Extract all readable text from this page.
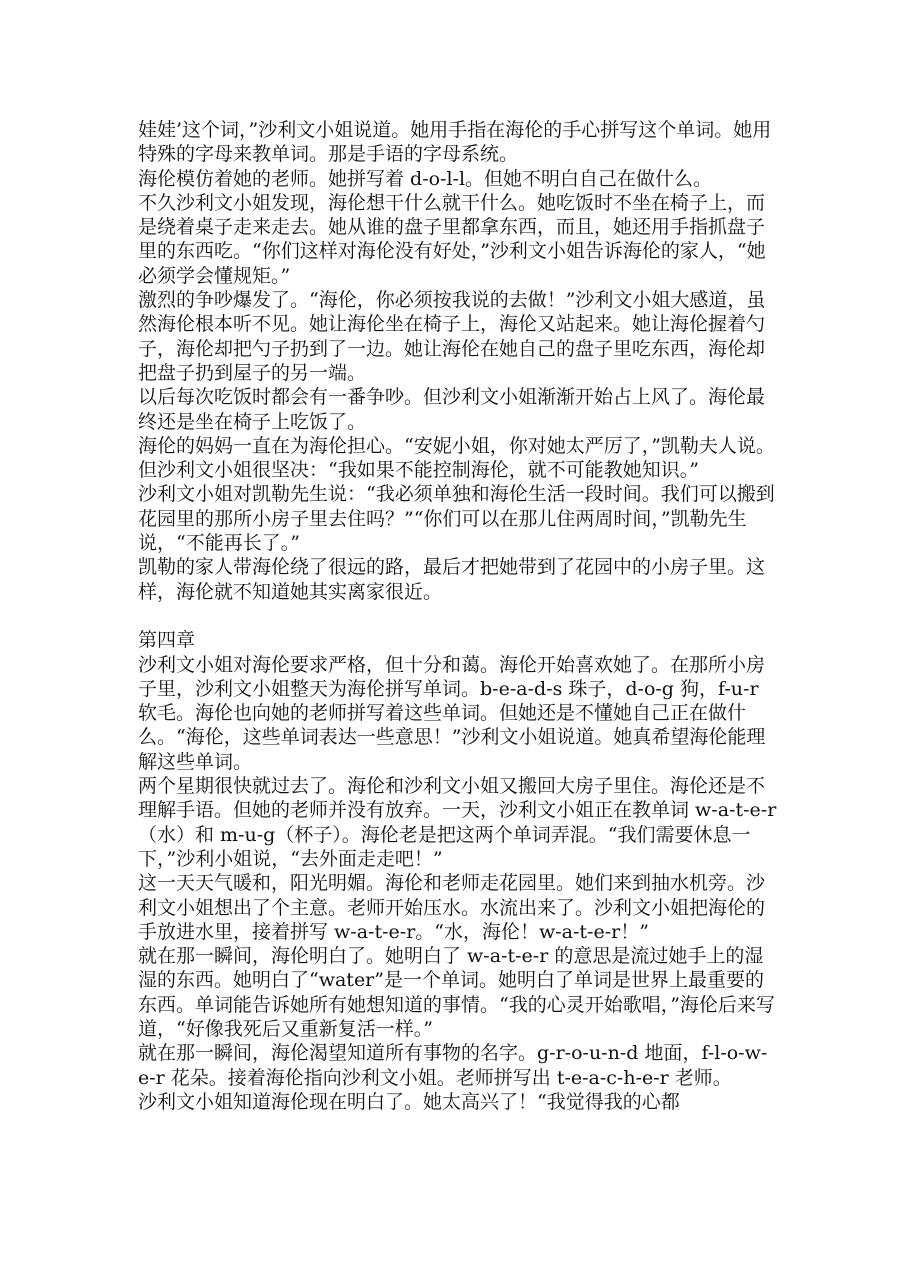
娃娃’这个词，”沙利文小姐说道。她用手指在海伦的手心拼写这个单词。她用特殊的字母来教单词。那是手语的字母系统。

海伦模仿着她的老师。她拼写着 d-o-l-l。但她不明白自己在做什么。

不久沙利文小姐发现，海伦想干什么就干什么。她吃饭时不坐在椅子上，而是绕着桌子走来走去。她从谁的盘子里都拿东西，而且，她还用手指抓盘子里的东西吃。“你们这样对海伦没有好处，”沙利文小姐告诉海伦的家人，“她必须学会懂规矩。”

激烈的争吵爆发了。“海伦，你必须按我说的去做！”沙利文小姐大感道，虽然海伦根本听不见。她让海伦坐在椅子上，海伦又站起来。她让海伦握着勺子，海伦却把勺子扔到了一边。她让海伦在她自己的盘子里吃东西，海伦却把盘子扔到屋子的另一端。

以后每次吃饭时都会有一番争吵。但沙利文小姐渐渐开始占上风了。海伦最终还是坐在椅子上吃饭了。

海伦的妈妈一直在为海伦担心。“安妮小姐，你对她太严厉了，”凯勒夫人说。但沙利文小姐很坚决：“我如果不能控制海伦，就不可能教她知识。”

沙利文小姐对凯勒先生说：“我必须单独和海伦生活一段时间。我们可以搬到花园里的那所小房子里去住吗？”“你们可以在那儿住两周时间，”凯勒先生说，“不能再长了。”

凯勒的家人带海伦绕了很远的路，最后才把她带到了花园中的小房子里。这样，海伦就不知道她其实离家很近。

第四章

沙利文小姐对海伦要求严格，但十分和蔼。海伦开始喜欢她了。在那所小房子里，沙利文小姐整天为海伦拼写单词。b-e-a-d-s 珠子，d-o-g 狗，f-u-r 软毛。海伦也向她的老师拼写着这些单词。但她还是不懂她自己正在做什么。“海伦，这些单词表达一些意思！”沙利文小姐说道。她真希望海伦能理解这些单词。

两个星期很快就过去了。海伦和沙利文小姐又搬回大房子里住。海伦还是不理解手语。但她的老师并没有放弃。一天，沙利文小姐正在教单词 w-a-t-e-r（水）和 m-u-g（杯子）。海伦老是把这两个单词弄混。“我们需要休息一下，”沙利小姐说，“去外面走走吧！”

这一天天气暖和，阳光明媚。海伦和老师走花园里。她们来到抽水机旁。沙利文小姐想出了个主意。老师开始压水。水流出来了。沙利文小姐把海伦的手放进水里，接着拼写 w-a-t-e-r。“水，海伦！w-a-t-e-r！”

就在那一瞬间，海伦明白了。她明白了 w-a-t-e-r 的意思是流过她手上的湿湿的东西。她明白了“water”是一个单词。她明白了单词是世界上最重要的东西。单词能告诉她所有她想知道的事情。“我的心灵开始歌唱，”海伦后来写道，“好像我死后又重新复活一样。”

就在那一瞬间，海伦渴望知道所有事物的名字。g-r-o-u-n-d 地面，f-l-o-w-e-r 花朵。接着海伦指向沙利文小姐。老师拼写出 t-e-a-c-h-e-r 老师。

沙利文小姐知道海伦现在明白了。她太高兴了！“我觉得我的心都
